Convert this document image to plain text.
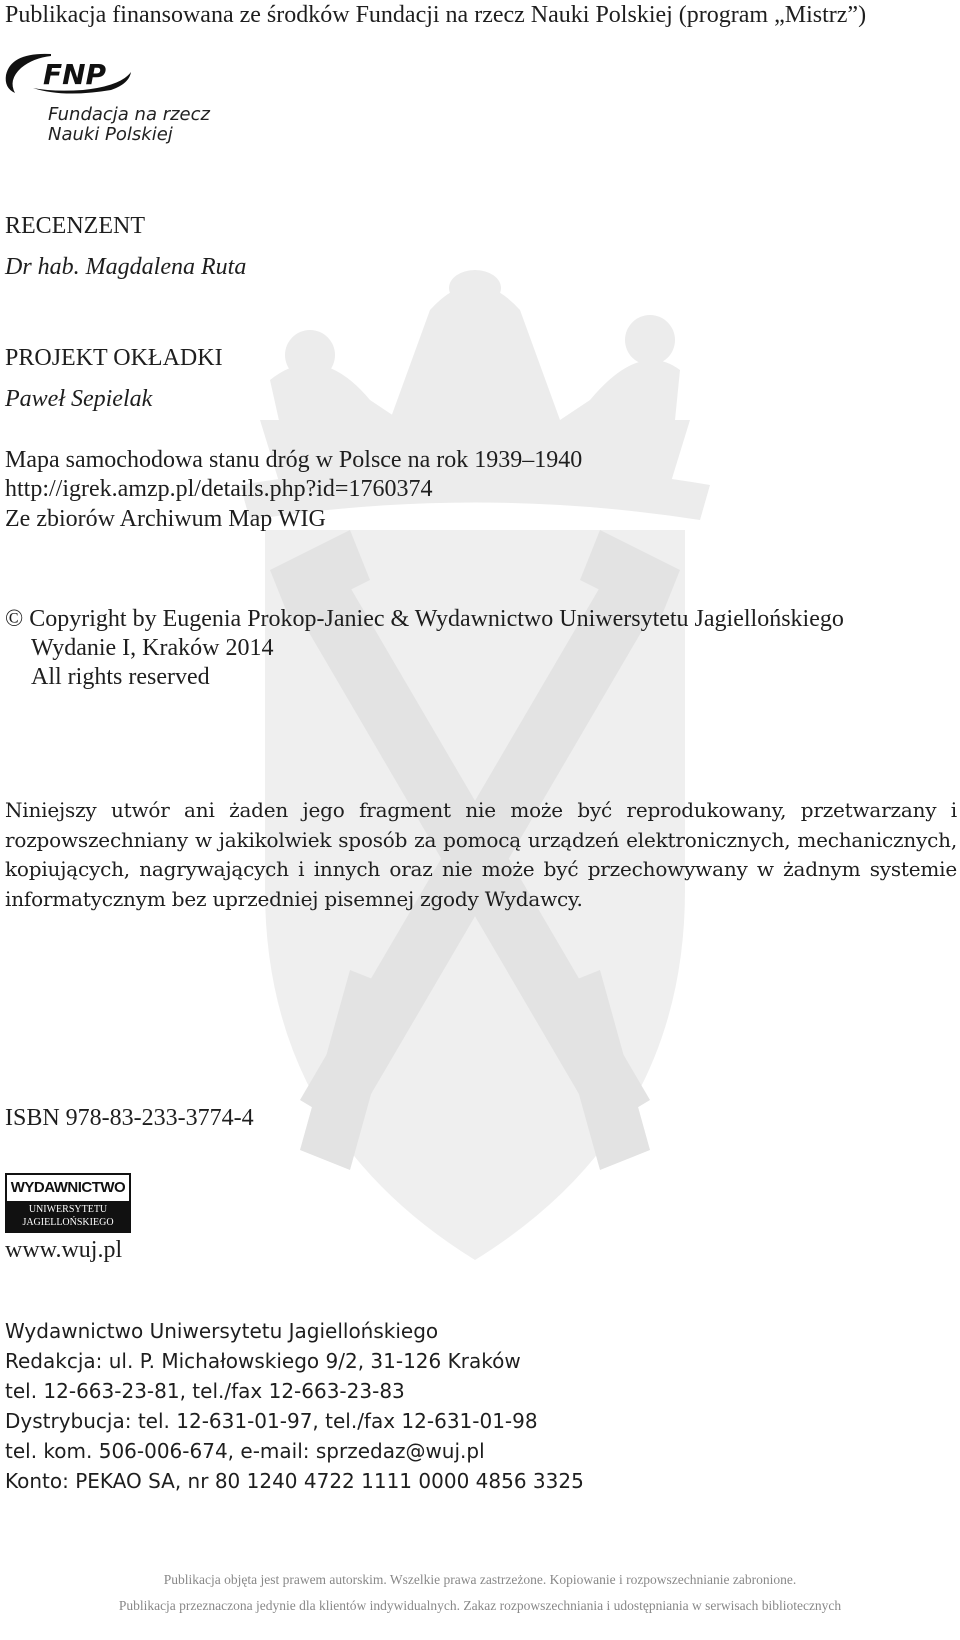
Publikacja finansowana ze środków Fundacji na rzecz Nauki Polskiej (program „Mistrz”)
FNP
Fundacja na rzecz
Nauki Polskiej
RECENZENT
Dr hab. Magdalena Ruta
PROJEKT OKŁADKI
Paweł Sepielak
Mapa samochodowa stanu dróg w Polsce na rok 1939–1940
http://igrek.amzp.pl/details.php?id=1760374
Ze zbiorów Archiwum Map WIG
© Copyright by Eugenia Prokop-Janiec & Wydawnictwo Uniwersytetu Jagiellońskiego
Wydanie I, Kraków 2014
All rights reserved
Niniejszy utwór ani żaden jego fragment nie może być reprodukowany, przetwarzany i rozpowszechniany w jakikolwiek sposób za pomocą urządzeń elektronicznych, mechanicznych, kopiujących, nagrywających i innych oraz nie może być przechowywany w żadnym systemie informatycznym bez uprzedniej pisemnej zgody Wydawcy.
ISBN 978-83-233-3774-4
WYDAWNICTWO
UNIWERSYTETU
JAGIELLOŃSKIEGO
www.wuj.pl
Wydawnictwo Uniwersytetu Jagiellońskiego
Redakcja: ul. P. Michałowskiego 9/2, 31-126 Kraków
tel. 12-663-23-81, tel./fax 12-663-23-83
Dystrybucja: tel. 12-631-01-97, tel./fax 12-631-01-98
tel. kom. 506-006-674, e-mail: sprzedaz@wuj.pl
Konto: PEKAO SA, nr 80 1240 4722 1111 0000 4856 3325
Publikacja objęta jest prawem autorskim. Wszelkie prawa zastrzeżone. Kopiowanie i rozpowszechnianie zabronione.
Publikacja przeznaczona jedynie dla klientów indywidualnych. Zakaz rozpowszechniania i udostępniania w serwisach bibliotecznych
